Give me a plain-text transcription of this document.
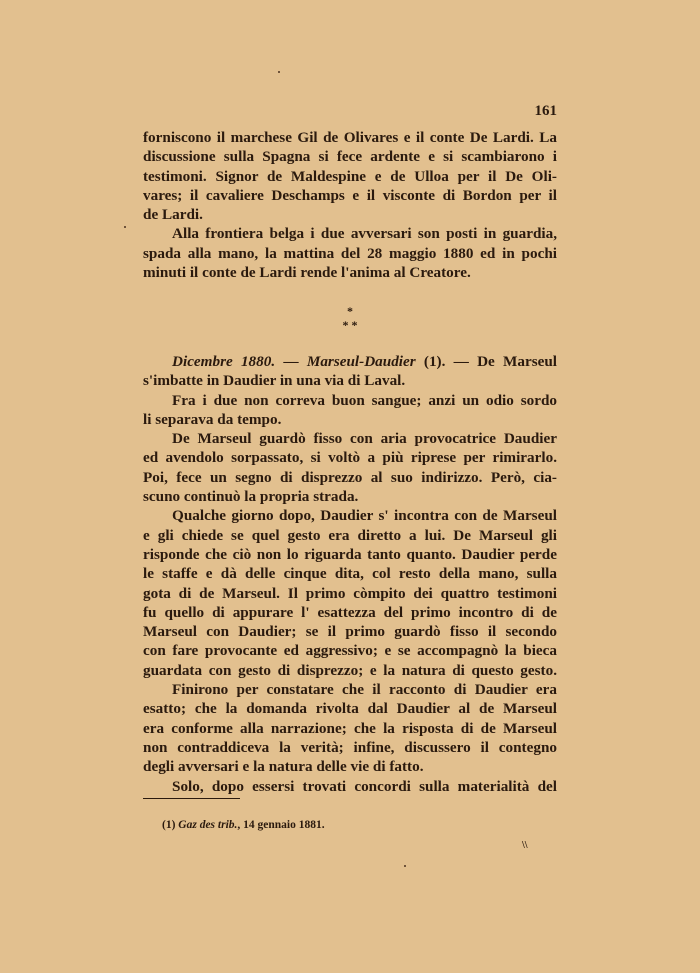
161
forniscono il marchese Gil de Olivares e il conte De Lardi. La
discussione sulla Spagna si fece ardente e si scambiarono i
testimoni. Signor de Maldespine e de Ulloa per il De Oli-
vares; il cavaliere Deschamps e il visconte di Bordon per il
de Lardi.
Alla frontiera belga i due avversari son posti in guardia,
spada alla mano, la mattina del 28 maggio 1880 ed in pochi
minuti il conte de Lardi rende l'anima al Creatore.
*
* *
Dicembre 1880. — Marseul-Daudier (1). — De Marseul
s'imbatte in Daudier in una via di Laval.
Fra i due non correva buon sangue; anzi un odio sordo
li separava da tempo.
De Marseul guardò fisso con aria provocatrice Daudier
ed avendolo sorpassato, si voltò a più riprese per rimirarlo.
Poi, fece un segno di disprezzo al suo indirizzo. Però, cia-
scuno continuò la propria strada.
Qualche giorno dopo, Daudier s' incontra con de Marseul
e gli chiede se quel gesto era diretto a lui. De Marseul gli
risponde che ciò non lo riguarda tanto quanto. Daudier perde
le staffe e dà delle cinque dita, col resto della mano, sulla
gota di de Marseul. Il primo còmpito dei quattro testimoni
fu quello di appurare l' esattezza del primo incontro di de
Marseul con Daudier; se il primo guardò fisso il secondo
con fare provocante ed aggressivo; e se accompagnò la bieca
guardata con gesto di disprezzo; e la natura di questo gesto.
Finirono per constatare che il racconto di Daudier era
esatto; che la domanda rivolta dal Daudier al de Marseul
era conforme alla narrazione; che la risposta di de Marseul
non contraddiceva la verità; infine, discussero il contegno
degli avversari e la natura delle vie di fatto.
Solo, dopo essersi trovati concordi sulla materialità del
(1) Gaz des trib., 14 gennaio 1881.
\\
